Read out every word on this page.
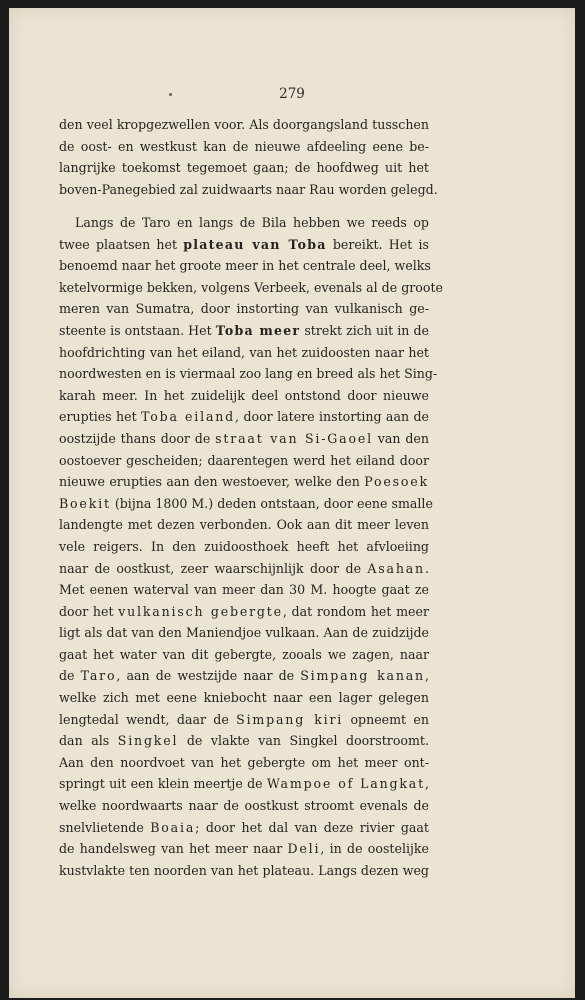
279
den veel kropgezwellen voor. Als doorgangsland tusschen
de oost- en westkust kan de nieuwe afdeeling eene be-
langrijke toekomst tegemoet gaan; de hoofdweg uit het
boven-Panegebied zal zuidwaarts naar Rau worden gelegd.
Langs de Taro en langs de Bila hebben we reeds op
twee plaatsen het plateau van Toba bereikt. Het is
benoemd naar het groote meer in het centrale deel, welks
ketelvormige bekken, volgens Verbeek, evenals al de groote
meren van Sumatra, door instorting van vulkanisch ge-
steente is ontstaan. Het Toba meer strekt zich uit in de
hoofdrichting van het eiland, van het zuidoosten naar het
noordwesten en is viermaal zoo lang en breed als het Sing-
karah meer. In het zuidelijk deel ontstond door nieuwe
erupties het Toba eiland, door latere instorting aan de
oostzijde thans door de straat van Si-Gaoel van den
oostoever gescheiden; daarentegen werd het eiland door
nieuwe erupties aan den westoever, welke den Poesoek
Boekit (bijna 1800 M.) deden ontstaan, door eene smalle
landengte met dezen verbonden. Ook aan dit meer leven
vele reigers. In den zuidoosthoek heeft het afvloeiing
naar de oostkust, zeer waarschijnlijk door de Asahan.
Met eenen waterval van meer dan 30 M. hoogte gaat ze
door het vulkanisch gebergte, dat rondom het meer
ligt als dat van den Maniendjoe vulkaan. Aan de zuidzijde
gaat het water van dit gebergte, zooals we zagen, naar
de Taro, aan de westzijde naar de Simpang kanan,
welke zich met eene kniebocht naar een lager gelegen
lengtedal wendt, daar de Simpang kiri opneemt en
dan als Singkel de vlakte van Singkel doorstroomt.
Aan den noordvoet van het gebergte om het meer ont-
springt uit een klein meertje de Wampoe of Langkat,
welke noordwaarts naar de oostkust stroomt evenals de
snelvlietende Boaia; door het dal van deze rivier gaat
de handelsweg van het meer naar Deli, in de oostelijke
kustvlakte ten noorden van het plateau. Langs dezen weg
